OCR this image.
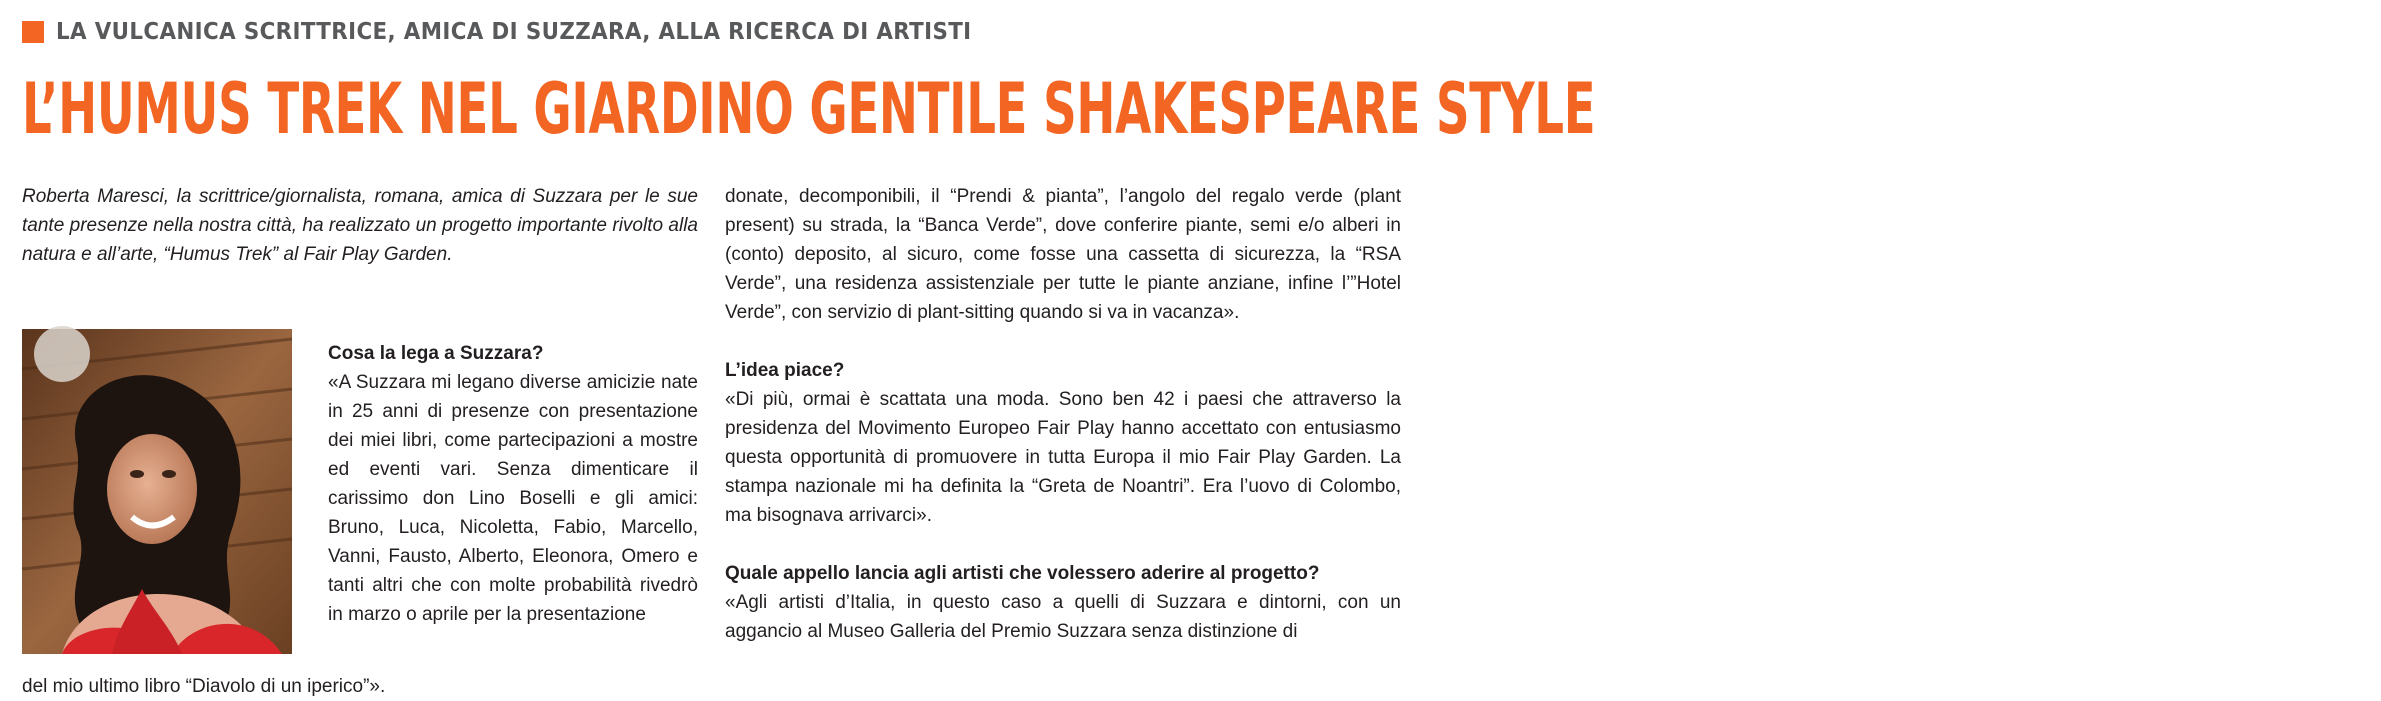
LA VULCANICA SCRITTRICE, AMICA DI SUZZARA, ALLA RICERCA DI ARTISTI
L’HUMUS TREK NEL GIARDINO GENTILE SHAKESPEARE STYLE

Roberta Maresci, la scrittrice/giornalista, romana, amica di Suzzara per le sue tante presenze nella nostra città, ha realizzato un progetto importante rivolto alla natura e all’arte, “Humus Trek” al Fair Play Garden.

Cosa la lega a Suzzara?

«A Suzzara mi legano diverse amicizie nate in 25 anni di presenze con presentazione dei miei libri, come partecipazioni a mostre ed eventi vari. Senza dimenticare il carissimo don Lino Boselli e gli amici: Bruno, Luca, Nicoletta, Fabio, Marcello, Vanni, Fausto, Alberto, Eleonora, Omero e tanti altri che con molte probabilità rivedrò in marzo o aprile per la presentazione

del mio ultimo libro “Diavolo di un iperico”».

donate, decomponibili, il “Prendi & pianta”, l’angolo del regalo verde (plant present) su strada, la “Banca Verde”, dove conferire piante, semi e/o alberi in (conto) deposito, al sicuro, come fosse una cassetta di sicurezza, la “RSA Verde”, una residenza assistenziale per tutte le piante anziane, infine l’”Hotel Verde”, con servizio di plant-sitting quando si va in vacanza».

L’idea piace?

«Di più, ormai è scattata una moda. Sono ben 42 i paesi che attraverso la presidenza del Movimento Europeo Fair Play hanno accettato con entusiasmo questa opportunità di promuovere in tutta Europa il mio Fair Play Garden. La stampa nazionale mi ha definita la “Greta de Noantri”. Era l’uovo di Colombo, ma bisognava arrivarci».

Quale appello lancia agli artisti che volessero aderire al progetto?

«Agli artisti d’Italia, in questo caso a quelli di Suzzara e dintorni, con un aggancio al Museo Galleria del Premio Suzzara senza distinzione di
